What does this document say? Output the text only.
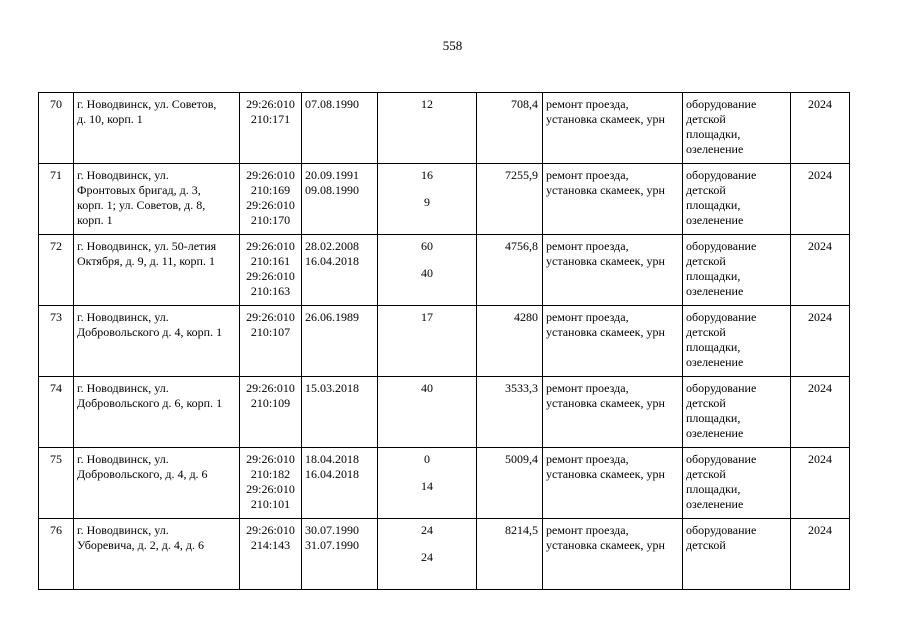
558
70	г. Новодвинск, ул. Советов,
д. 10, корп. 1	29:26:010
210:171	07.08.1990	12	708,4	ремонт проезда,
установка скамеек, урн	оборудование
детской
площадки,
озеленение	2024
71	г. Новодвинск, ул.
Фронтовых бригад, д. 3,
корп. 1; ул. Советов, д. 8,
корп. 1	29:26:010
210:169
29:26:010
210:170	20.09.1991
09.08.1990	16
9	7255,9	ремонт проезда,
установка скамеек, урн	оборудование
детской
площадки,
озеленение	2024
72	г. Новодвинск, ул. 50-летия
Октября, д. 9, д. 11, корп. 1	29:26:010
210:161
29:26:010
210:163	28.02.2008
16.04.2018	60
40	4756,8	ремонт проезда,
установка скамеек, урн	оборудование
детской
площадки,
озеленение	2024
73	г. Новодвинск, ул.
Добровольского д. 4, корп. 1	29:26:010
210:107	26.06.1989	17	4280	ремонт проезда,
установка скамеек, урн	оборудование
детской
площадки,
озеленение	2024
74	г. Новодвинск, ул.
Добровольского д. 6, корп. 1	29:26:010
210:109	15.03.2018	40	3533,3	ремонт проезда,
установка скамеек, урн	оборудование
детской
площадки,
озеленение	2024
75	г. Новодвинск, ул.
Добровольского, д. 4, д. 6	29:26:010
210:182
29:26:010
210:101	18.04.2018
16.04.2018	0
14	5009,4	ремонт проезда,
установка скамеек, урн	оборудование
детской
площадки,
озеленение	2024
76	г. Новодвинск, ул.
Уборевича, д. 2, д. 4, д. 6	29:26:010
214:143	30.07.1990
31.07.1990	24
24	8214,5	ремонт проезда,
установка скамеек, урн	оборудование
детской	2024
